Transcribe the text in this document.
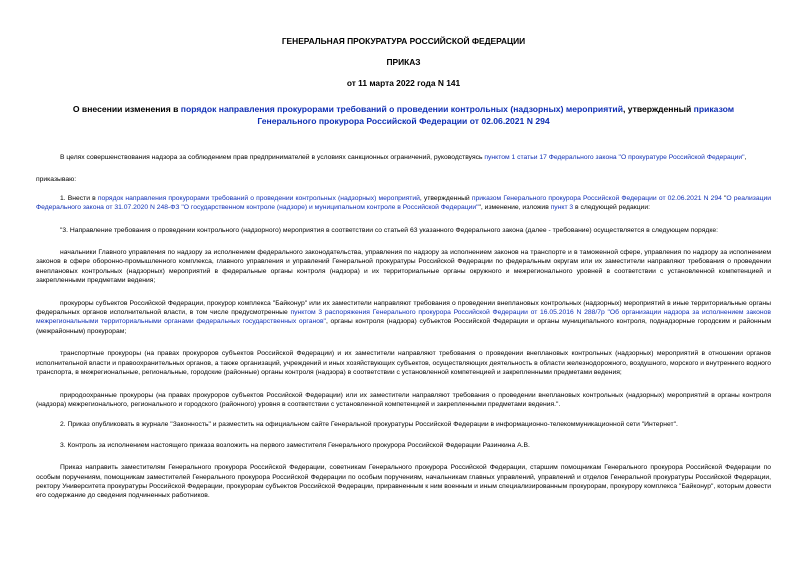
ГЕНЕРАЛЬНАЯ ПРОКУРАТУРА РОССИЙСКОЙ ФЕДЕРАЦИИ
ПРИКАЗ
от 11 марта 2022 года N 141
О внесении изменения в порядок направления прокурорами требований о проведении контрольных (надзорных) мероприятий, утвержденный приказом Генерального прокурора Российской Федерации от 02.06.2021 N 294

В целях совершенствования надзора за соблюдением прав предпринимателей в условиях санкционных ограничений, руководствуясь пунктом 1 статьи 17 Федерального закона "О прокуратуре Российской Федерации",

приказываю:

1. Внести в порядок направления прокурорами требований о проведении контрольных (надзорных) мероприятий, утвержденный приказом Генерального прокурора Российской Федерации от 02.06.2021 N 294 "О реализации Федерального закона от 31.07.2020 N 248-ФЗ "О государственном контроле (надзоре) и муниципальном контроле в Российской Федерации"", изменение, изложив пункт 3 в следующей редакции:

"3. Направление требования о проведении контрольного (надзорного) мероприятия в соответствии со статьей 63 указанного Федерального закона (далее - требование) осуществляется в следующем порядке:

начальники Главного управления по надзору за исполнением федерального законодательства, управления по надзору за исполнением законов на транспорте и в таможенной сфере, управления по надзору за исполнением законов в сфере оборонно-промышленного комплекса, главного управления и управлений Генеральной прокуратуры Российской Федерации по федеральным округам или их заместители направляют требования о проведении внеплановых контрольных (надзорных) мероприятий в федеральные органы контроля (надзора) и их территориальные органы окружного и межрегионального уровней в соответствии с установленной компетенцией и закрепленными предметами ведения;

прокуроры субъектов Российской Федерации, прокурор комплекса "Байконур" или их заместители направляют требования о проведении внеплановых контрольных (надзорных) мероприятий в иные территориальные органы федеральных органов исполнительной власти, в том числе предусмотренные пунктом 3 распоряжения Генерального прокурора Российской Федерации от 16.05.2016 N 288/7р "Об организации надзора за исполнением законов межрегиональными территориальными органами федеральных государственных органов", органы контроля (надзора) субъектов Российской Федерации и органы муниципального контроля, поднадзорные городским и районным (межрайонным) прокурорам;

транспортные прокуроры (на правах прокуроров субъектов Российской Федерации) и их заместители направляют требования о проведении внеплановых контрольных (надзорных) мероприятий в отношении органов исполнительной власти и правоохранительных органов, а также организаций, учреждений и иных хозяйствующих субъектов, осуществляющих деятельность в области железнодорожного, воздушного, морского и внутреннего водного транспорта, в межрегиональные, региональные, городские (районные) органы контроля (надзора) в соответствии с установленной компетенцией и закрепленными предметами ведения;

природоохранные прокуроры (на правах прокуроров субъектов Российской Федерации) или их заместители направляют требования о проведении внеплановых контрольных (надзорных) мероприятий в органы контроля (надзора) межрегионального, регионального и городского (районного) уровня в соответствии с установленной компетенцией и закрепленными предметами ведения.".

2. Приказ опубликовать в журнале "Законность" и разместить на официальном сайте Генеральной прокуратуры Российской Федерации в информационно-телекоммуникационной сети "Интернет".

3. Контроль за исполнением настоящего приказа возложить на первого заместителя Генерального прокурора Российской Федерации Разинкина А.В.

Приказ направить заместителям Генерального прокурора Российской Федерации, советникам Генерального прокурора Российской Федерации, старшим помощникам Генерального прокурора Российской Федерации по особым поручениям, помощникам заместителей Генерального прокурора Российской Федерации по особым поручениям, начальникам главных управлений, управлений и отделов Генеральной прокуратуры Российской Федерации, ректору Университета прокуратуры Российской Федерации, прокурорам субъектов Российской Федерации, приравненным к ним военным и иным специализированным прокурорам, прокурору комплекса "Байконур", которым довести его содержание до сведения подчиненных работников.
